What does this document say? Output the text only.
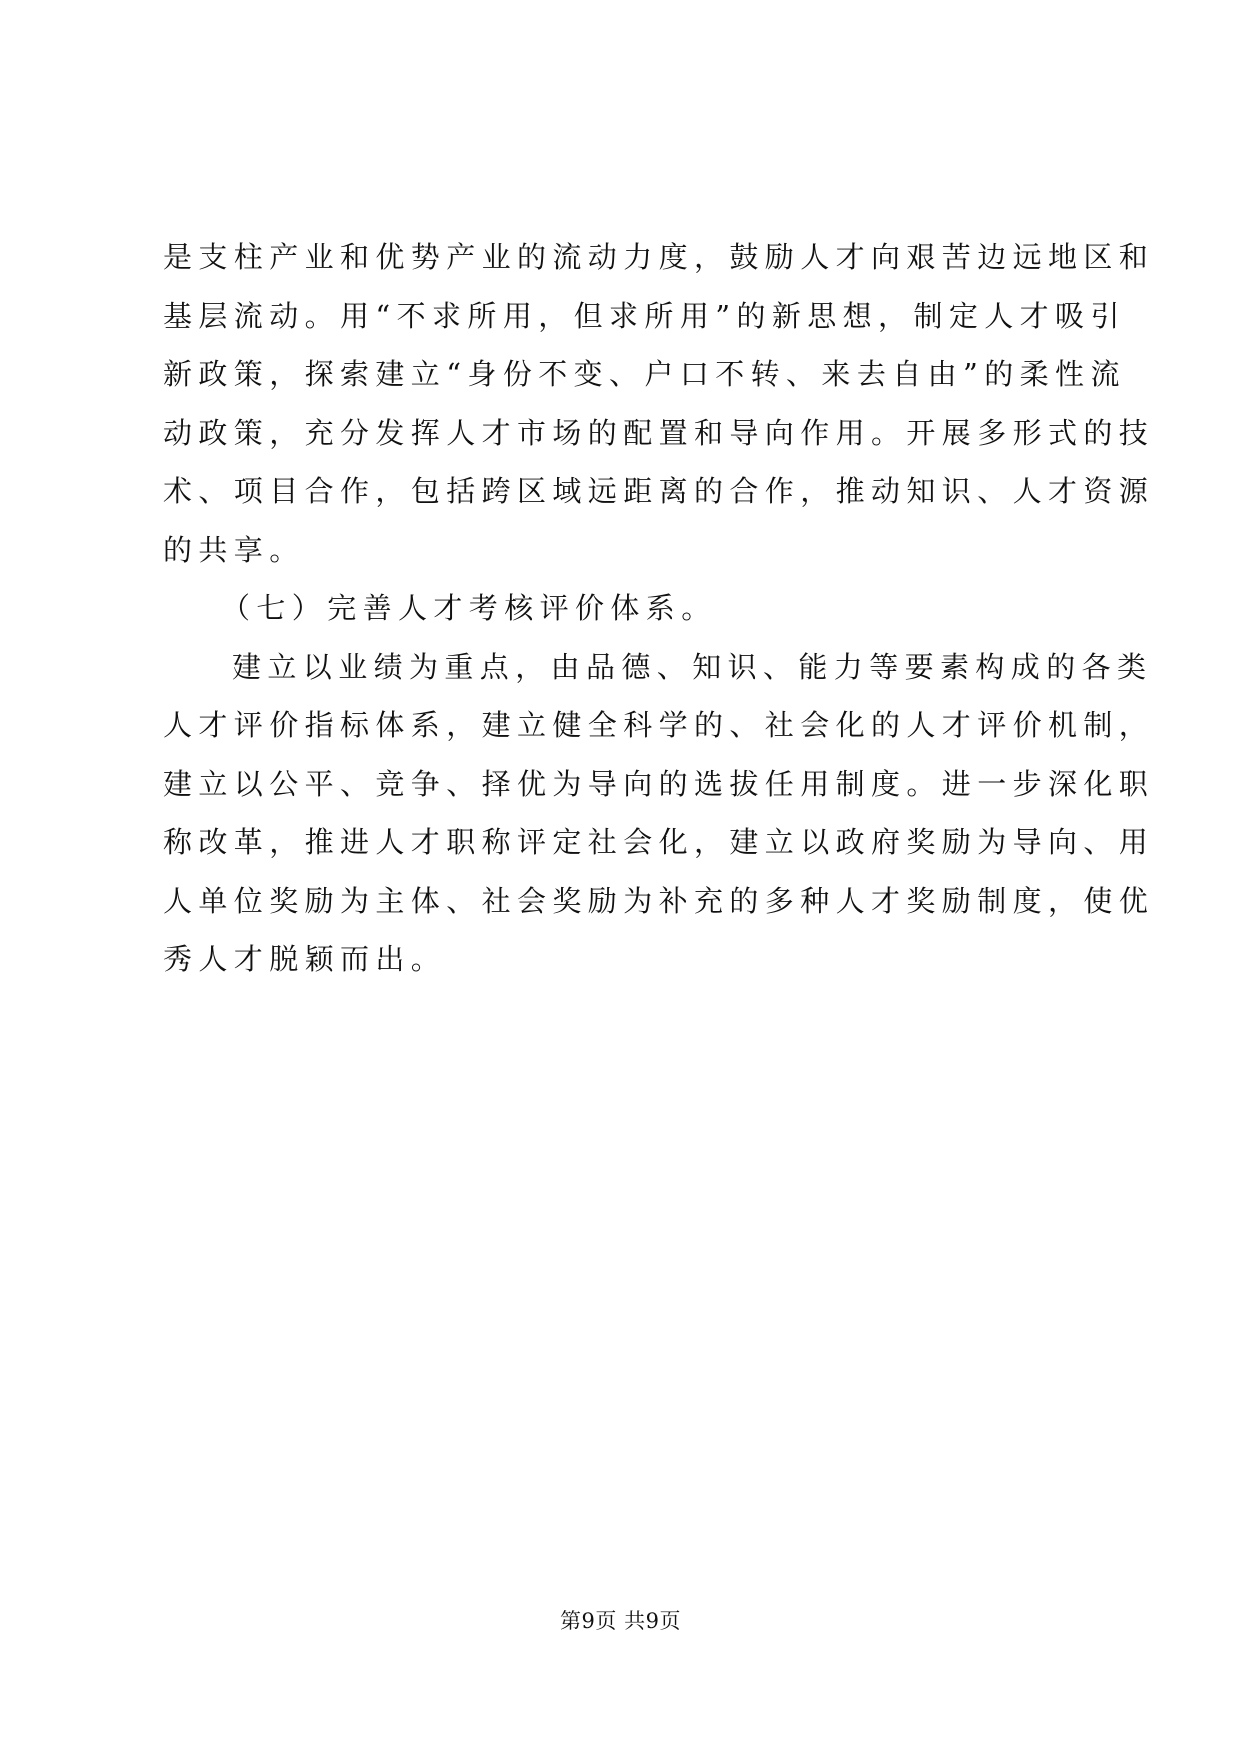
是支柱产业和优势产业的流动力度，鼓励人才向艰苦边远地区和
基层流动。用“不求所用，但求所用”的新思想，制定人才吸引
新政策，探索建立“身份不变、户口不转、来去自由”的柔性流
动政策，充分发挥人才市场的配置和导向作用。开展多形式的技
术、项目合作，包括跨区域远距离的合作，推动知识、人才资源
的共享。
（七）完善人才考核评价体系。
建立以业绩为重点，由品德、知识、能力等要素构成的各类
人才评价指标体系，建立健全科学的、社会化的人才评价机制，
建立以公平、竞争、择优为导向的选拔任用制度。进一步深化职
称改革，推进人才职称评定社会化，建立以政府奖励为导向、用
人单位奖励为主体、社会奖励为补充的多种人才奖励制度，使优
秀人才脱颖而出。
第9页 共9页
